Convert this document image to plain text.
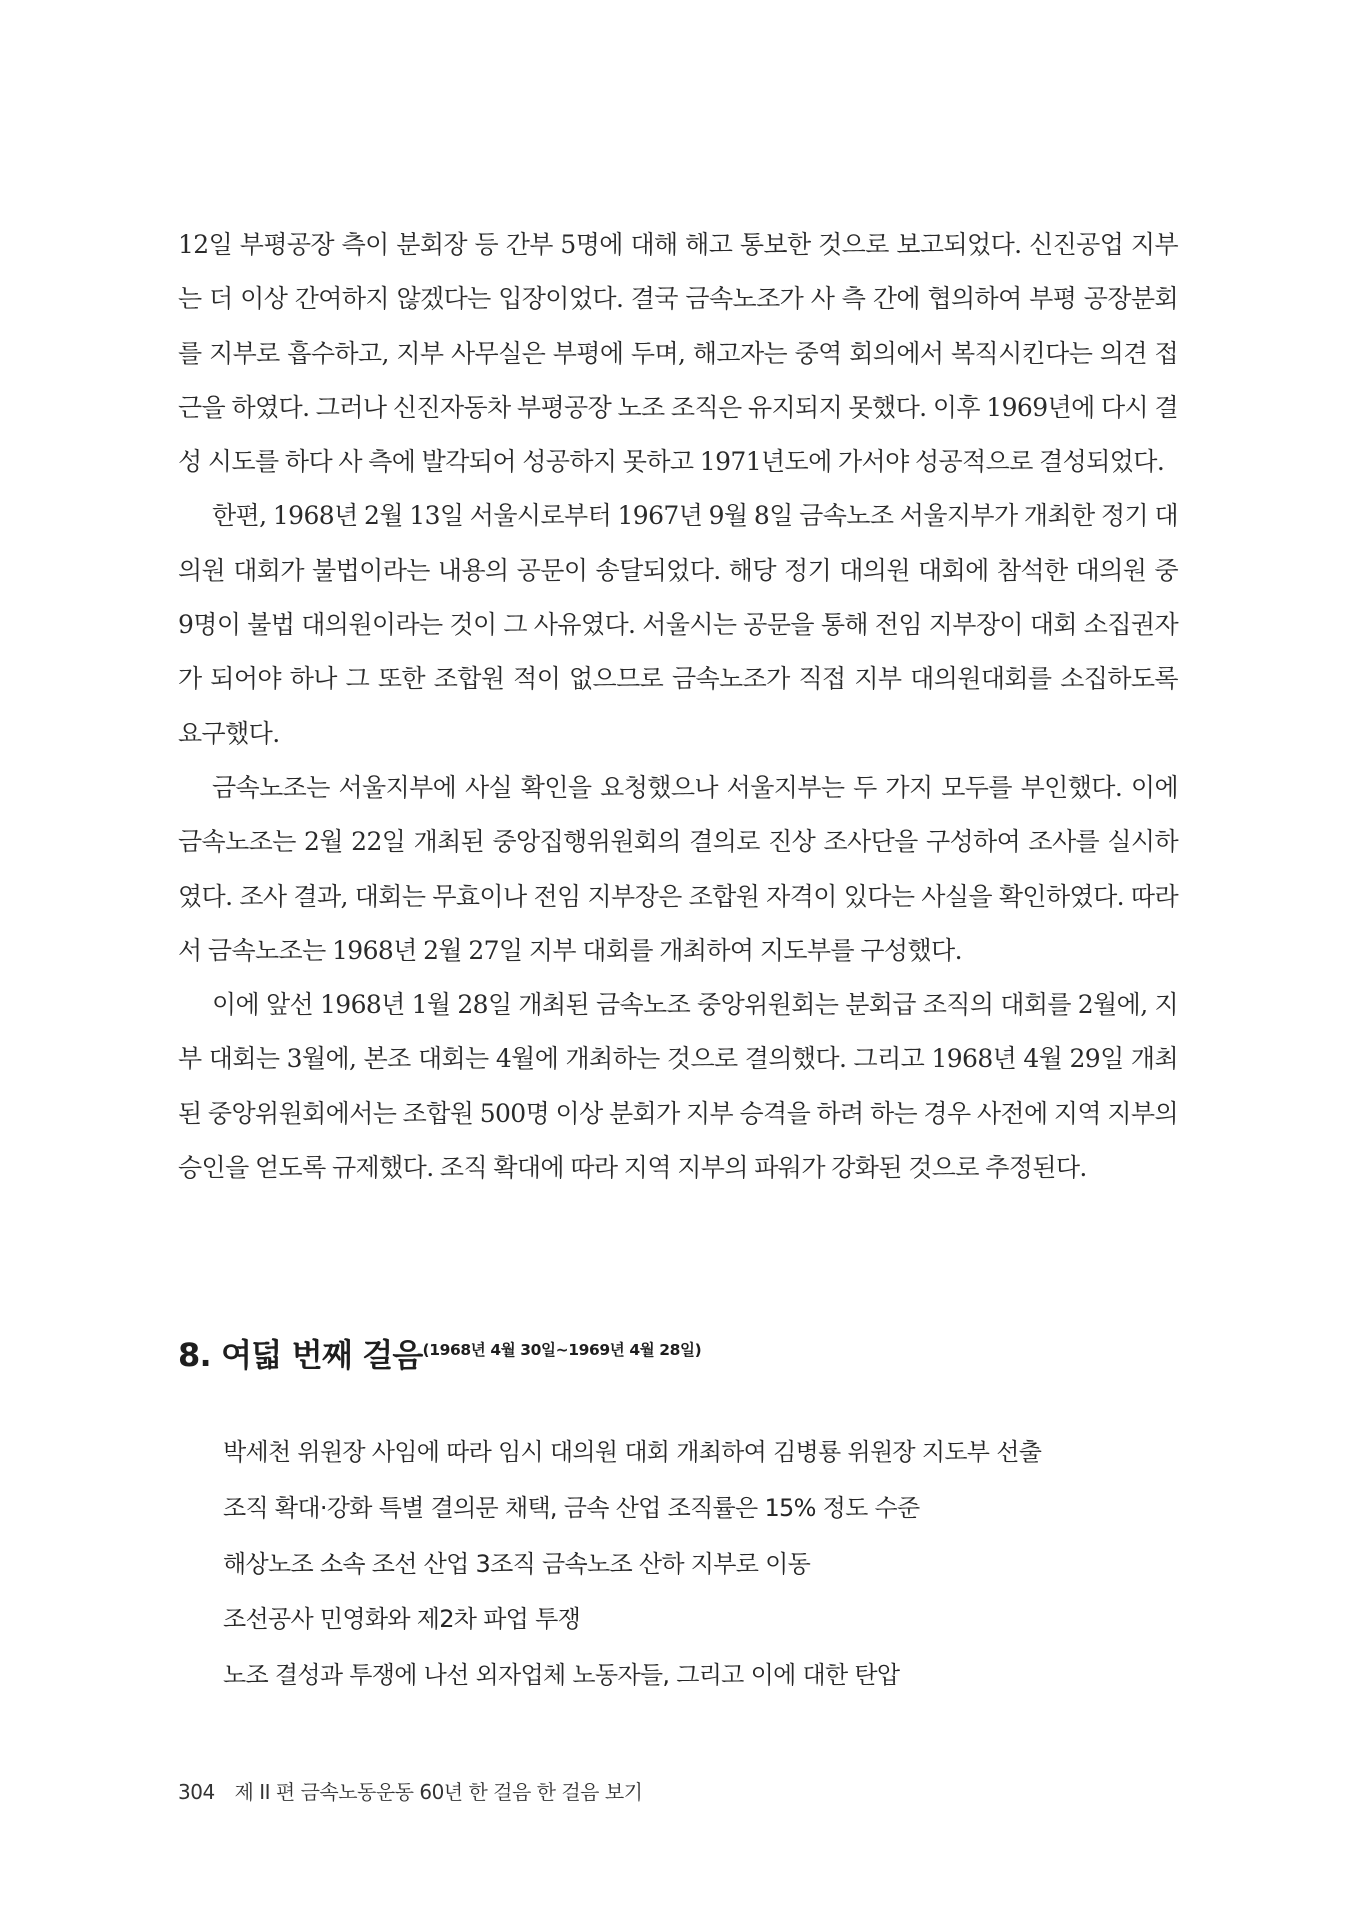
12일 부평공장 측이 분회장 등 간부 5명에 대해 해고 통보한 것으로 보고되었다. 신진공업 지부는 더 이상 간여하지 않겠다는 입장이었다. 결국 금속노조가 사 측 간에 협의하여 부평 공장분회를 지부로 흡수하고, 지부 사무실은 부평에 두며, 해고자는 중역 회의에서 복직시킨다는 의견 접근을 하였다. 그러나 신진자동차 부평공장 노조 조직은 유지되지 못했다. 이후 1969년에 다시 결성 시도를 하다 사 측에 발각되어 성공하지 못하고 1971년도에 가서야 성공적으로 결성되었다.

한편, 1968년 2월 13일 서울시로부터 1967년 9월 8일 금속노조 서울지부가 개최한 정기 대의원 대회가 불법이라는 내용의 공문이 송달되었다. 해당 정기 대의원 대회에 참석한 대의원 중 9명이 불법 대의원이라는 것이 그 사유였다. 서울시는 공문을 통해 전임 지부장이 대회 소집권자가 되어야 하나 그 또한 조합원 적이 없으므로 금속노조가 직접 지부 대의원대회를 소집하도록 요구했다.

금속노조는 서울지부에 사실 확인을 요청했으나 서울지부는 두 가지 모두를 부인했다. 이에 금속노조는 2월 22일 개최된 중앙집행위원회의 결의로 진상 조사단을 구성하여 조사를 실시하였다. 조사 결과, 대회는 무효이나 전임 지부장은 조합원 자격이 있다는 사실을 확인하였다. 따라서 금속노조는 1968년 2월 27일 지부 대회를 개최하여 지도부를 구성했다.

이에 앞선 1968년 1월 28일 개최된 금속노조 중앙위원회는 분회급 조직의 대회를 2월에, 지부 대회는 3월에, 본조 대회는 4월에 개최하는 것으로 결의했다. 그리고 1968년 4월 29일 개최된 중앙위원회에서는 조합원 500명 이상 분회가 지부 승격을 하려 하는 경우 사전에 지역 지부의 승인을 얻도록 규제했다. 조직 확대에 따라 지역 지부의 파워가 강화된 것으로 추정된다.

8. 여덟 번째 걸음$^{(1968년 4월 30일\sim 1969년 4월 28일)}$
박세천 위원장 사임에 따라 임시 대의원 대회 개최하여 김병룡 위원장 지도부 선출
조직 확대·강화 특별 결의문 채택, 금속 산업 조직률은 15% 정도 수준
해상노조 소속 조선 산업 3조직 금속노조 산하 지부로 이동
조선공사 민영화와 제2차 파업 투쟁
노조 결성과 투쟁에 나선 외자업체 노동자들, 그리고 이에 대한 탄압
304 제 II 편 금속노동운동 60년 한 걸음 한 걸음 보기
